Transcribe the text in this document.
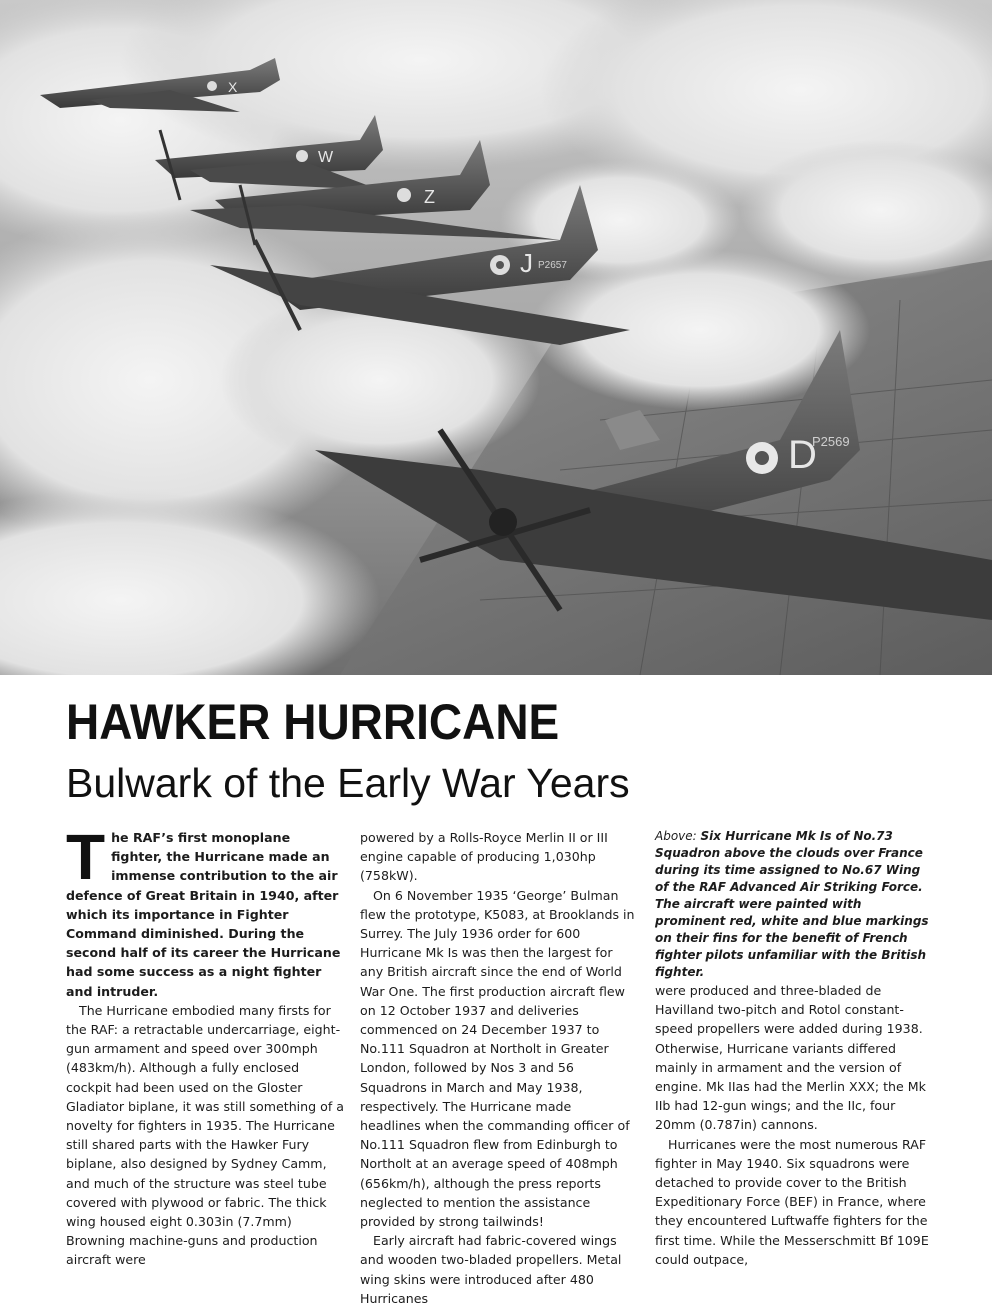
X
W
Z
J
D
P2657
P2569
HAWKER HURRICANE
Bulwark of the Early War Years

The RAF’s first monoplane fighter, the Hurricane made an immense contribution to the air defence of Great Britain in 1940, after which its importance in Fighter Command diminished. During the second half of its career the Hurricane had some success as a night fighter and intruder.

The Hurricane embodied many firsts for the RAF: a retractable undercarriage, eight-gun armament and speed over 300mph (483km/h). Although a fully enclosed cockpit had been used on the Gloster Gladiator biplane, it was still something of a novelty for fighters in 1935. The Hurricane still shared parts with the Hawker Fury biplane, also designed by Sydney Camm, and much of the structure was steel tube covered with plywood or fabric. The thick wing housed eight 0.303in (7.7mm) Browning machine-guns and production aircraft were

powered by a Rolls-Royce Merlin II or III engine capable of producing 1,030hp (758kW).

On 6 November 1935 ‘George’ Bulman flew the prototype, K5083, at Brooklands in Surrey. The July 1936 order for 600 Hurricane Mk Is was then the largest for any British aircraft since the end of World War One. The first production aircraft flew on 12 October 1937 and deliveries commenced on 24 December 1937 to No.111 Squadron at Northolt in Greater London, followed by Nos 3 and 56 Squadrons in March and May 1938, respectively. The Hurricane made headlines when the commanding officer of No.111 Squadron flew from Edinburgh to Northolt at an average speed of 408mph (656km/h), although the press reports neglected to mention the assistance provided by strong tailwinds!

Early aircraft had fabric-covered wings and wooden two-bladed propellers. Metal wing skins were introduced after 480 Hurricanes

Above: Six Hurricane Mk Is of No.73 Squadron above the clouds over France during its time assigned to No.67 Wing of the RAF Advanced Air Striking Force. The aircraft were painted with prominent red, white and blue markings on their fins for the benefit of French fighter pilots unfamiliar with the British fighter.

were produced and three-bladed de Havilland two-pitch and Rotol constant-speed propellers were added during 1938. Otherwise, Hurricane variants differed mainly in armament and the version of engine. Mk IIas had the Merlin XXX; the Mk IIb had 12-gun wings; and the IIc, four 20mm (0.787in) cannons.

Hurricanes were the most numerous RAF fighter in May 1940. Six squadrons were detached to provide cover to the British Expeditionary Force (BEF) in France, where they encountered Luftwaffe fighters for the first time. While the Messerschmitt Bf 109E could outpace,
